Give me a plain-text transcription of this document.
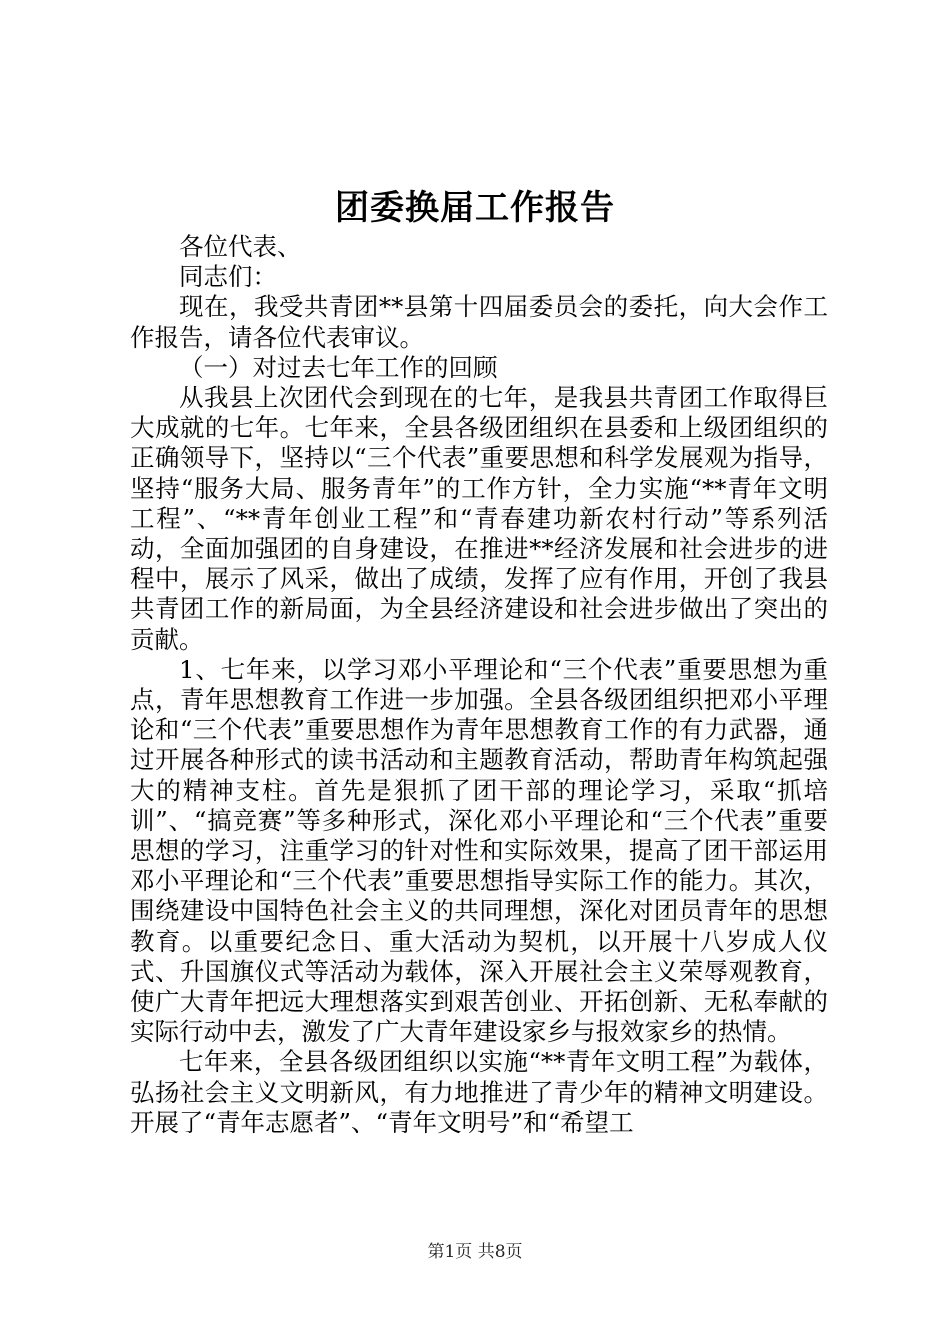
团委换届工作报告

各位代表、

同志们：

现在，我受共青团**县第十四届委员会的委托，向大会作工作报告，请各位代表审议。

（一）对过去七年工作的回顾

从我县上次团代会到现在的七年，是我县共青团工作取得巨大成就的七年。七年来，全县各级团组织在县委和上级团组织的正确领导下，坚持以“三个代表”重要思想和科学发展观为指导，坚持“服务大局、服务青年”的工作方针，全力实施“**青年文明工程”、“**青年创业工程”和“青春建功新农村行动”等系列活动，全面加强团的自身建设，在推进**经济发展和社会进步的进程中，展示了风采，做出了成绩，发挥了应有作用，开创了我县共青团工作的新局面，为全县经济建设和社会进步做出了突出的贡献。

1、七年来，以学习邓小平理论和“三个代表”重要思想为重点，青年思想教育工作进一步加强。全县各级团组织把邓小平理论和“三个代表”重要思想作为青年思想教育工作的有力武器，通过开展各种形式的读书活动和主题教育活动，帮助青年构筑起强大的精神支柱。首先是狠抓了团干部的理论学习，采取“抓培训”、“搞竞赛”等多种形式，深化邓小平理论和“三个代表”重要思想的学习，注重学习的针对性和实际效果，提高了团干部运用邓小平理论和“三个代表”重要思想指导实际工作的能力。其次，围绕建设中国特色社会主义的共同理想，深化对团员青年的思想教育。以重要纪念日、重大活动为契机，以开展十八岁成人仪式、升国旗仪式等活动为载体，深入开展社会主义荣辱观教育，使广大青年把远大理想落实到艰苦创业、开拓创新、无私奉献的实际行动中去，激发了广大青年建设家乡与报效家乡的热情。

七年来，全县各级团组织以实施“**青年文明工程”为载体，弘扬社会主义文明新风，有力地推进了青少年的精神文明建设。开展了“青年志愿者”、“青年文明号”和“希望工

第1页 共8页
